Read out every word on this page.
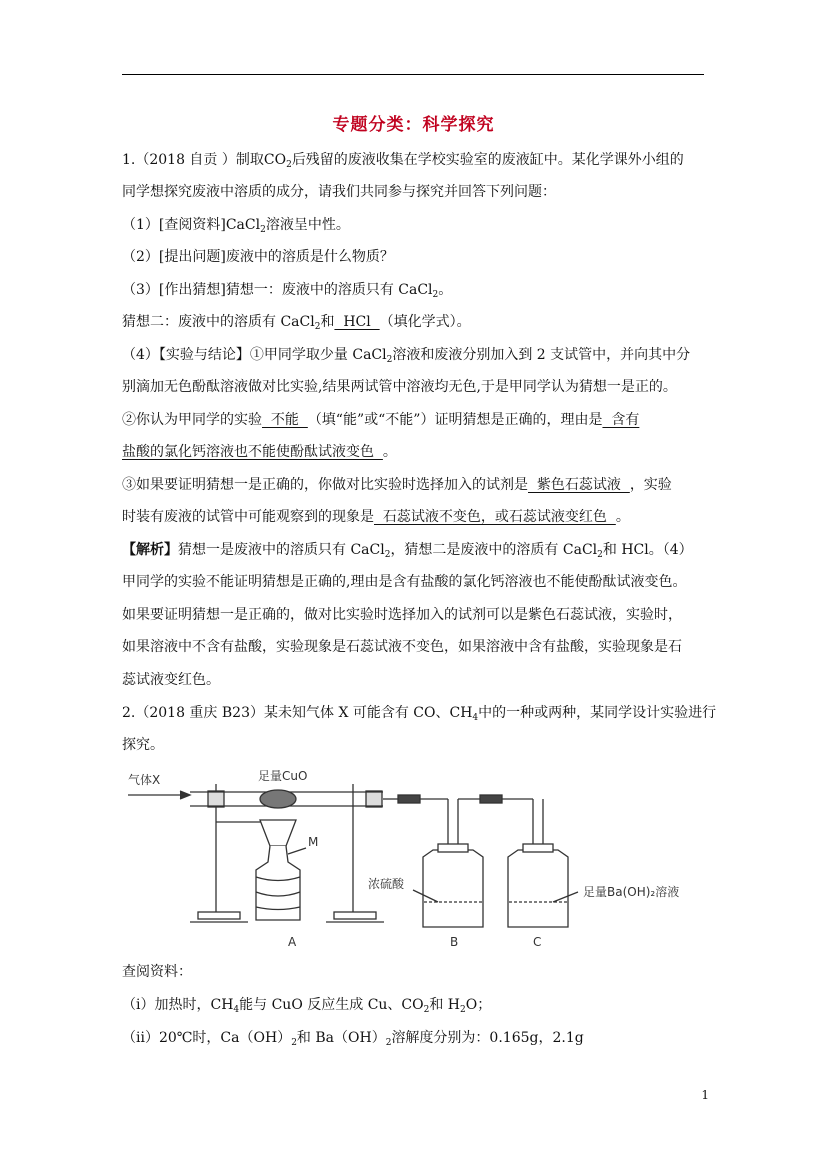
专题分类：科学探究
1.（2018 自贡 ）制取$CO_2$后残留的废液收集在学校实验室的废液缸中。某化学课外小组的
同学想探究废液中溶质的成分，请我们共同参与探究并回答下列问题：
（1）[查阅资料]CaCl$_2$溶液呈中性。
（2）[提出问题]废液中的溶质是什么物质？
（3）[作出猜想]猜想一：废液中的溶质只有 CaCl$_2$。
猜想二：废液中的溶质有 CaCl$_2$和  HCl  （填化学式）。
（4）【实验与结论】①甲同学取少量 CaCl$_2$溶液和废液分别加入到 2 支试管中，并向其中分
别滴加无色酚酞溶液做对比实验,结果两试管中溶液均无色,于是甲同学认为猜想一是正的。
②你认为甲同学的实验  不能  （填“能”或“不能”）证明猜想是正确的，理由是  含有
盐酸的氯化钙溶液也不能使酚酞试液变色  。
③如果要证明猜想一是正确的，你做对比实验时选择加入的试剂是  紫色石蕊试液  ，实验
时装有废液的试管中可能观察到的现象是  石蕊试液不变色，或石蕊试液变红色  。
【解析】猜想一是废液中的溶质只有 CaCl$_2$，猜想二是废液中的溶质有 CaCl$_2$和 HCl。（4）
甲同学的实验不能证明猜想是正确的,理由是含有盐酸的氯化钙溶液也不能使酚酞试液变色。
如果要证明猜想一是正确的，做对比实验时选择加入的试剂可以是紫色石蕊试液，实验时，
如果溶液中不含有盐酸，实验现象是石蕊试液不变色，如果溶液中含有盐酸，实验现象是石
蕊试液变红色。
2.（2018 重庆 B23）某未知气体 X 可能含有 CO、$CH_4$中的一种或两种，某同学设计实验进行
探究。
气体X	足量CuO
M
浓硫酸
足量Ba(OH)₂溶液
A	B	C
查阅资料：
（ⅰ）加热时，$CH_4$能与 CuO 反应生成 Cu、$CO_2$和 $H_2O$；
（ⅱ）20℃时，$Ca(OH)_2$和 $Ba(OH)_2$溶解度分别为：0.165g，2.1g
1
